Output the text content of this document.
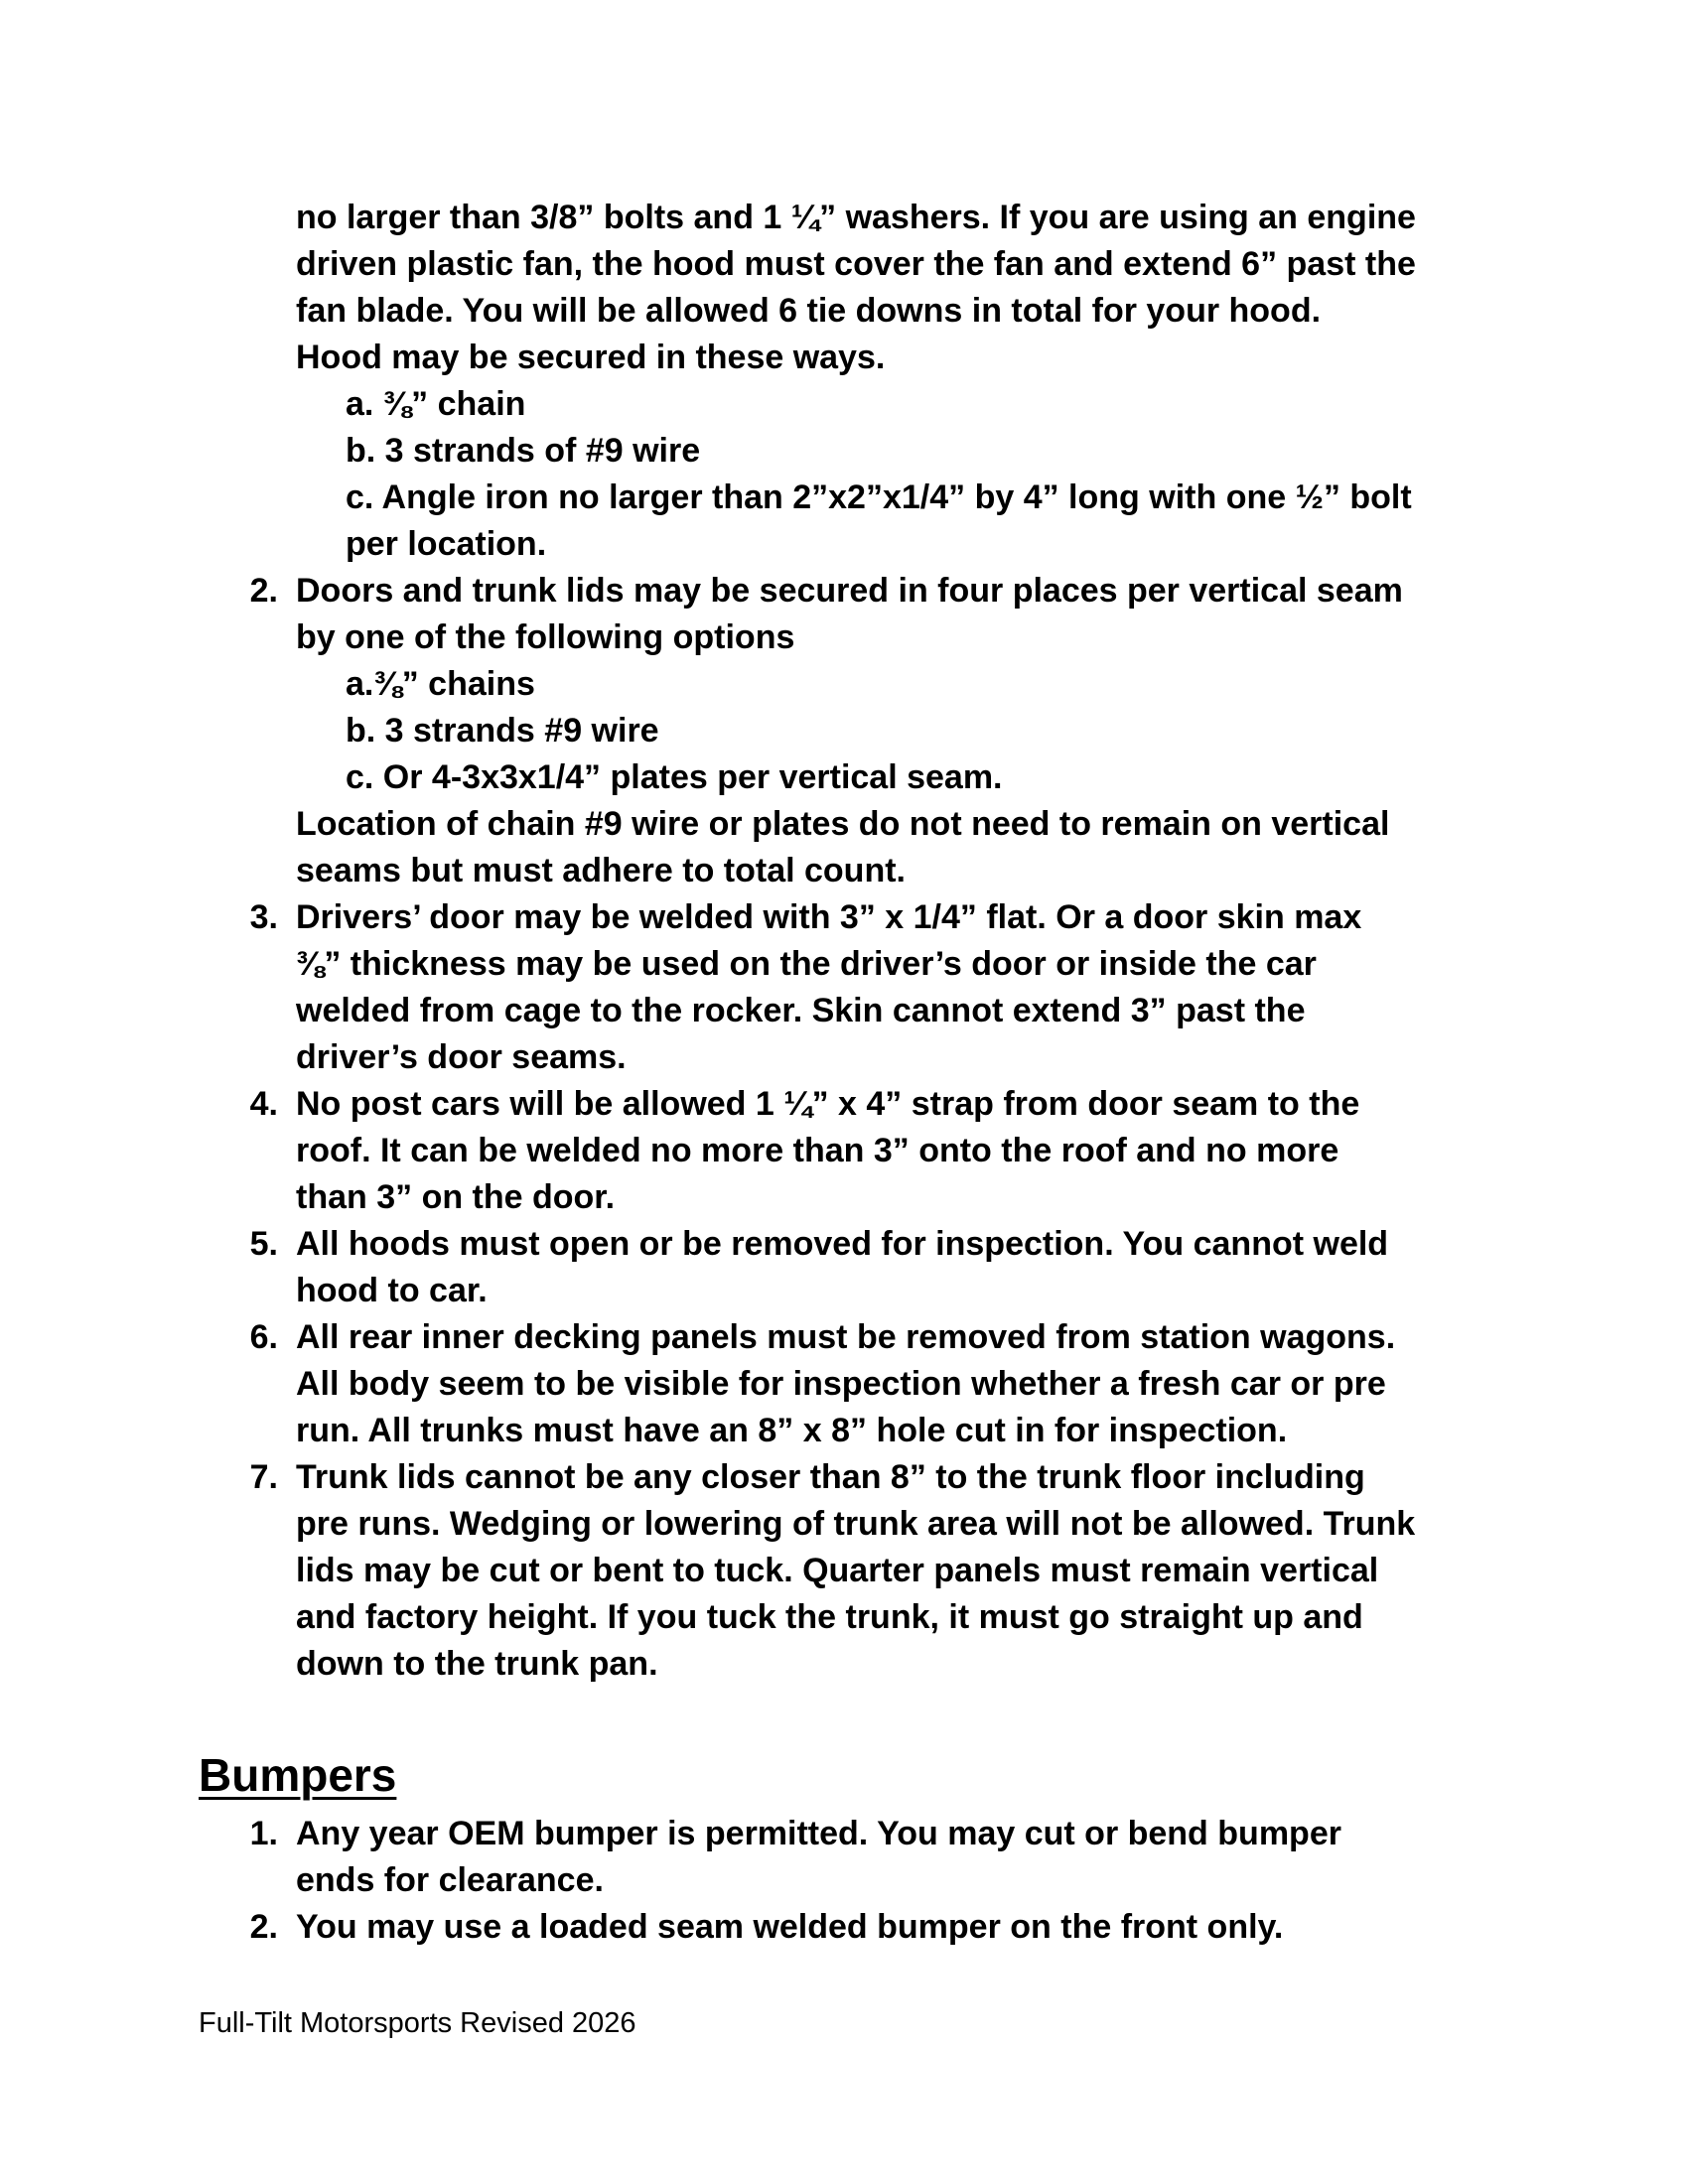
no larger than 3/8” bolts and 1 ¼” washers. If you are using an engine
driven plastic fan, the hood must cover the fan and extend 6” past the
fan blade. You will be allowed 6 tie downs in total for your hood.
Hood may be secured in these ways.
a. ⅜” chain
b. 3 strands of #9 wire
c. Angle iron no larger than 2”x2”x1/4” by 4” long with one ½” bolt
per location.
2. Doors and trunk lids may be secured in four places per vertical seam
by one of the following options
a.⅜” chains
b. 3 strands #9 wire
c. Or 4-3x3x1/4” plates per vertical seam.
Location of chain #9 wire or plates do not need to remain on vertical
seams but must adhere to total count.
3. Drivers’ door may be welded with 3” x 1/4” flat. Or a door skin max
⅜” thickness may be used on the driver’s door or inside the car
welded from cage to the rocker. Skin cannot extend 3” past the
driver’s door seams.
4. No post cars will be allowed 1 ¼” x 4” strap from door seam to the
roof. It can be welded no more than 3” onto the roof and no more
than 3” on the door.
5. All hoods must open or be removed for inspection. You cannot weld
hood to car.
6. All rear inner decking panels must be removed from station wagons.
All body seem to be visible for inspection whether a fresh car or pre
run. All trunks must have an 8” x 8” hole cut in for inspection.
7. Trunk lids cannot be any closer than 8” to the trunk floor including
pre runs. Wedging or lowering of trunk area will not be allowed. Trunk
lids may be cut or bent to tuck. Quarter panels must remain vertical
and factory height. If you tuck the trunk, it must go straight up and
down to the trunk pan.
Bumpers
1. Any year OEM bumper is permitted. You may cut or bend bumper
ends for clearance.
2. You may use a loaded seam welded bumper on the front only.
Full-Tilt Motorsports Revised 2026
